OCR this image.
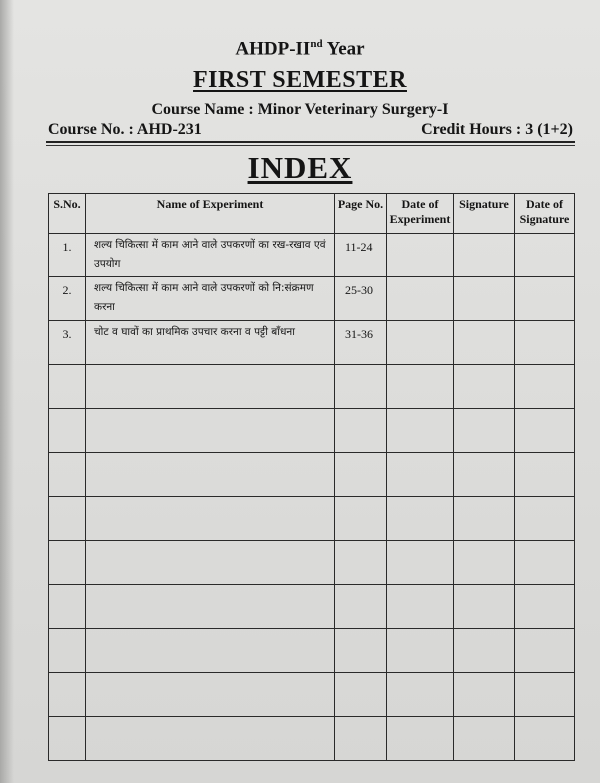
AHDP-IInd Year
FIRST SEMESTER
Course Name : Minor Veterinary Surgery-I
Course No. : AHD-231	Credit Hours : 3 (1+2)
INDEX
S.No.	Name of Experiment	Page No.	Date of Experiment	Signature	Date of Signature
1.	शल्य चिकित्सा में काम आने वाले उपकरणों का रख-रखाव एवं उपयोग	11-24			
2.	शल्य चिकित्सा में काम आने वाले उपकरणों को नि:संक्रमण करना	25-30			
3.	चोट व घावों का प्राथमिक उपचार करना व पट्टी बाँधना	31-36			
